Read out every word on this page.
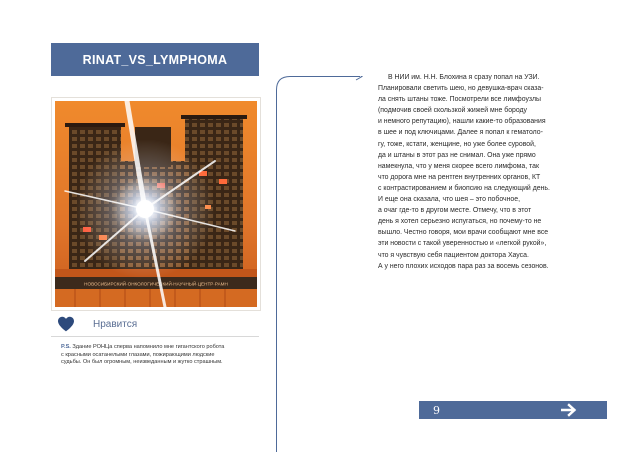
RINAT_VS_LYMPHOMA
НОВОСИБИРСКИЙ·ОНКОЛОГИЧЕСКИЙ·НАУЧНЫЙ·ЦЕНТР·РАМН
Нравится
P.S. Здание РОНЦа сперва напомнило мне гигантского робота
с красными осатанелыми глазами, пожирающими людские
судьбы. Он был огромным, неизведанным и жутко страшным.
В НИИ им. Н.Н. Блохина я сразу попал на УЗИ.
Планировали светить шею, но девушка-врач сказа-
ла снять штаны тоже. Посмотрели все лимфоузлы
(подмочив своей скользкой жижей мне бороду
и немного репутацию), нашли какие-то образования
в шее и под ключицами. Далее я попал к гематоло-
гу, тоже, кстати, женщине, но уже более суровой,
да и штаны в этот раз не снимал. Она уже прямо
намекнула, что у меня скорее всего лимфома, так
что дорога мне на рентген внутренних органов, КТ
с контрастированием и биопсию на следующий день.
И еще она сказала, что шея – это побочное,
а очаг где-то в другом месте. Отмечу, что в этот
день я хотел серьезно испугаться, но почему-то не
вышло. Честно говоря, мои врачи сообщают мне все
эти новости с такой уверенностью и «легкой рукой»,
что я чувствую себя пациентом доктора Хауса.
А у него плохих исходов пара раз за восемь сезонов.
9
